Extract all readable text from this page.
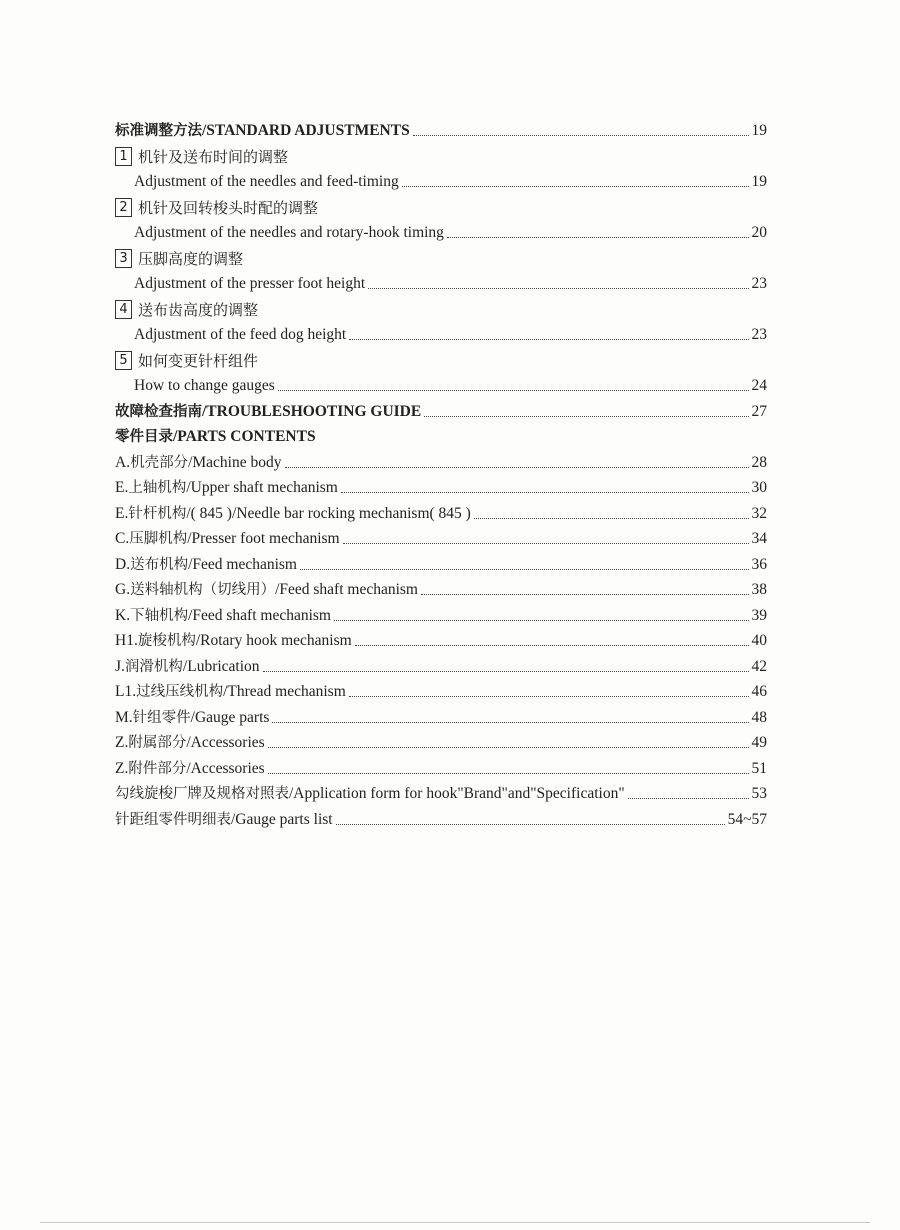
标准调整方法/STANDARD ADJUSTMENTS	19
1 机针及送布时间的调整
Adjustment of the needles and feed-timing	19
2 机针及回转梭头时配的调整
Adjustment of the needles and rotary-hook timing	20
3 压脚高度的调整
Adjustment of the presser foot height	23
4 送布齿高度的调整
Adjustment of the feed dog height	23
5 如何变更针杆组件
How to change gauges	24
故障检查指南/TROUBLESHOOTING GUIDE	27
零件目录/PARTS CONTENTS
A.机壳部分/Machine body	28
E.上轴机构/Upper shaft mechanism	30
E.针杆机构/( 845 )/Needle bar rocking mechanism( 845 )	32
C.压脚机构/Presser foot mechanism	34
D.送布机构/Feed mechanism	36
G.送料轴机构（切线用）/Feed shaft mechanism	38
K.下轴机构/Feed shaft mechanism	39
H1.旋梭机构/Rotary hook mechanism	40
J.润滑机构/Lubrication	42
L1.过线压线机构/Thread mechanism	46
M.针组零件/Gauge parts	48
Z.附属部分/Accessories	49
Z.附件部分/Accessories	51
勾线旋梭厂牌及规格对照表/Application form for hook"Brand"and"Specification"	53
针距组零件明细表/Gauge parts list	54~57
